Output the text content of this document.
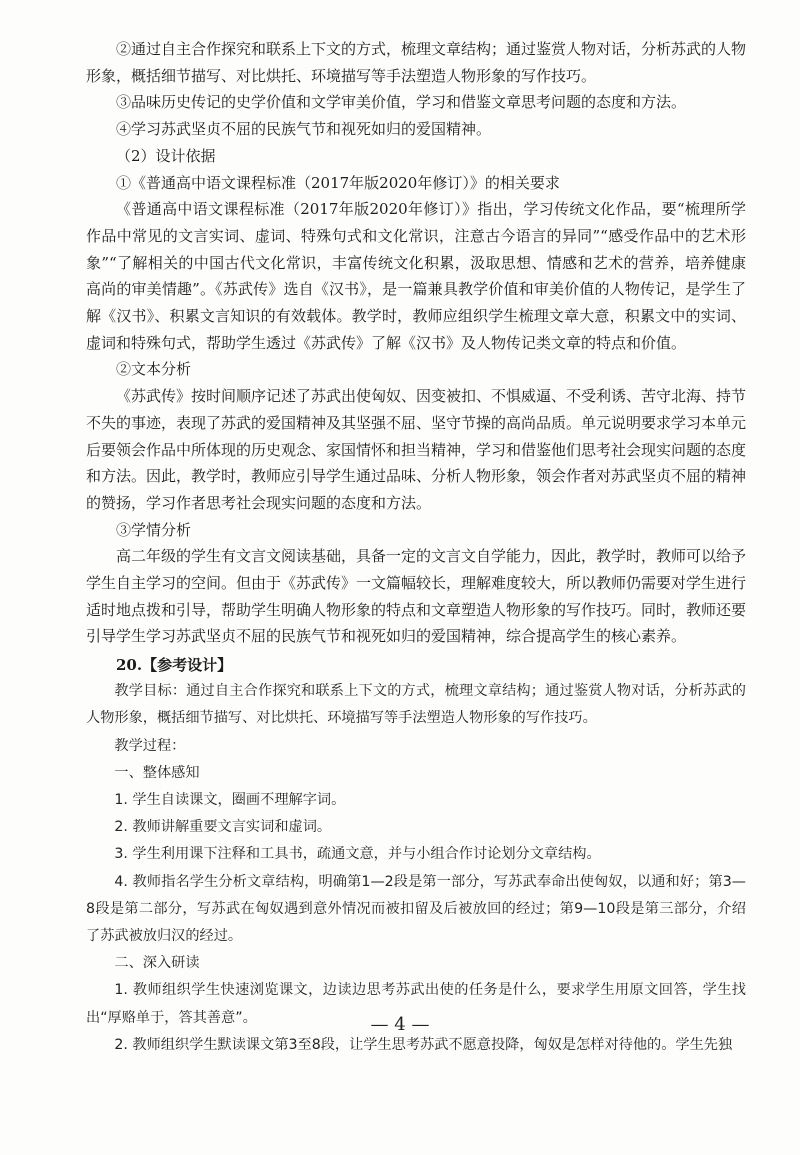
②通过自主合作探究和联系上下文的方式，梳理文章结构；通过鉴赏人物对话，分析苏武的人物形象，概括细节描写、对比烘托、环境描写等手法塑造人物形象的写作技巧。

③品味历史传记的史学价值和文学审美价值，学习和借鉴文章思考问题的态度和方法。

④学习苏武坚贞不屈的民族气节和视死如归的爱国精神。

（2）设计依据

①《普通高中语文课程标准（2017年版2020年修订）》的相关要求

《普通高中语文课程标准（2017年版2020年修订）》指出，学习传统文化作品，要“梳理所学作品中常见的文言实词、虚词、特殊句式和文化常识，注意古今语言的异同”“感受作品中的艺术形象”“了解相关的中国古代文化常识，丰富传统文化积累，汲取思想、情感和艺术的营养，培养健康高尚的审美情趣”。《苏武传》选自《汉书》，是一篇兼具教学价值和审美价值的人物传记，是学生了解《汉书》、积累文言知识的有效载体。教学时，教师应组织学生梳理文章大意，积累文中的实词、虚词和特殊句式，帮助学生透过《苏武传》了解《汉书》及人物传记类文章的特点和价值。

②文本分析

《苏武传》按时间顺序记述了苏武出使匈奴、因变被扣、不惧威逼、不受利诱、苦守北海、持节不失的事迹，表现了苏武的爱国精神及其坚强不屈、坚守节操的高尚品质。单元说明要求学习本单元后要领会作品中所体现的历史观念、家国情怀和担当精神，学习和借鉴他们思考社会现实问题的态度和方法。因此，教学时，教师应引导学生通过品味、分析人物形象，领会作者对苏武坚贞不屈的精神的赞扬，学习作者思考社会现实问题的态度和方法。

③学情分析

高二年级的学生有文言文阅读基础，具备一定的文言文自学能力，因此，教学时，教师可以给予学生自主学习的空间。但由于《苏武传》一文篇幅较长，理解难度较大，所以教师仍需要对学生进行适时地点拨和引导，帮助学生明确人物形象的特点和文章塑造人物形象的写作技巧。同时，教师还要引导学生学习苏武坚贞不屈的民族气节和视死如归的爱国精神，综合提高学生的核心素养。

20.【参考设计】

教学目标：通过自主合作探究和联系上下文的方式，梳理文章结构；通过鉴赏人物对话，分析苏武的人物形象，概括细节描写、对比烘托、环境描写等手法塑造人物形象的写作技巧。

教学过程：

一、整体感知

1. 学生自读课文，圈画不理解字词。

2. 教师讲解重要文言实词和虚词。

3. 学生利用课下注释和工具书，疏通文意，并与小组合作讨论划分文章结构。

4. 教师指名学生分析文章结构，明确第1—2段是第一部分，写苏武奉命出使匈奴，以通和好；第3—8段是第二部分，写苏武在匈奴遇到意外情况而被扣留及后被放回的经过；第9—10段是第三部分，介绍了苏武被放归汉的经过。

二、深入研读

1. 教师组织学生快速浏览课文，边读边思考苏武出使的任务是什么，要求学生用原文回答，学生找出“厚赂单于，答其善意”。

2. 教师组织学生默读课文第3至8段，让学生思考苏武不愿意投降，匈奴是怎样对待他的。学生先独

— 4 —
